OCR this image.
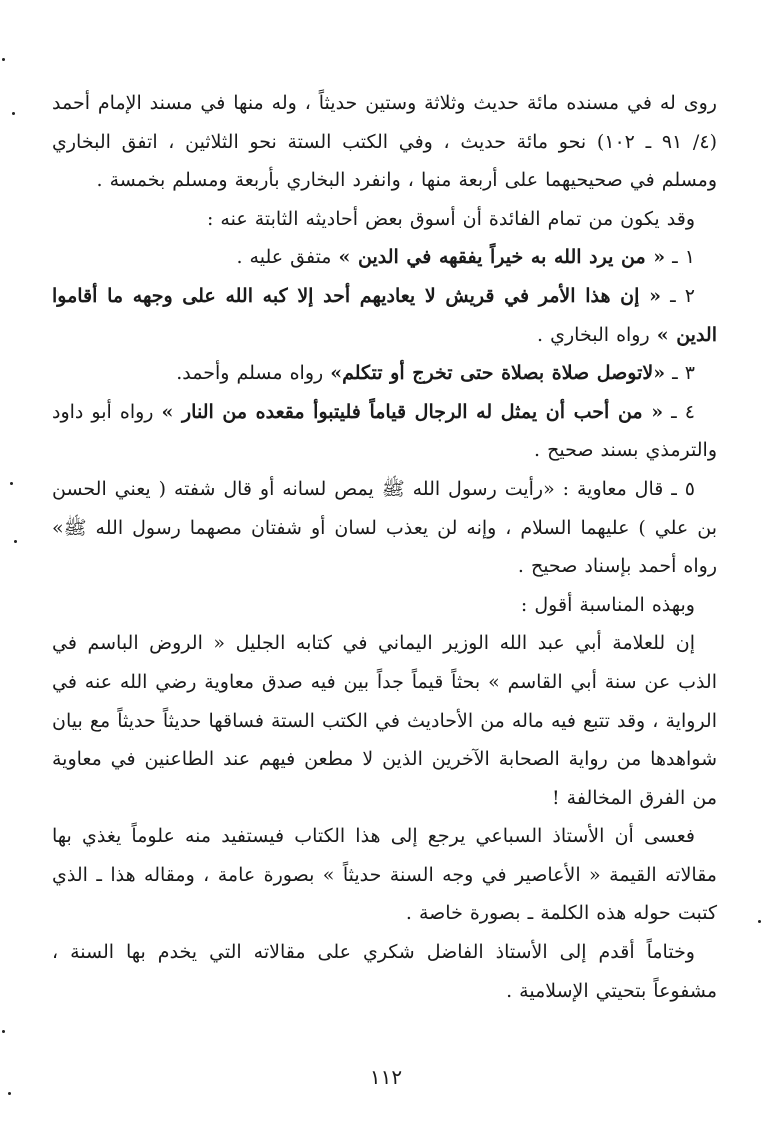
روى له في مسنده مائة حديث وثلاثة وستين حديثاً ، وله منها في مسند الإمام أحمد (٤/ ٩١ ـ ١٠٢) نحو مائة حديث ، وفي الكتب الستة نحو الثلاثين ، اتفق البخاري ومسلم في صحيحيهما على أربعة منها ، وانفرد البخاري بأربعة ومسلم بخمسة .

وقد يكون من تمام الفائدة أن أسوق بعض أحاديثه الثابتة عنه :

١ ـ « من يرد الله به خيراً يفقهه في الدين » متفق عليه .

٢ ـ « إن هذا الأمر في قريش لا يعاديهم أحد إلا كبه الله على وجهه ما أقاموا الدين » رواه البخاري .

٣ ـ «لاتوصل صلاة بصلاة حتى تخرج أو تتكلم» رواه مسلم وأحمد.

٤ ـ « من أحب أن يمثل له الرجال قياماً فليتبوأ مقعده من النار » رواه أبو داود والترمذي بسند صحيح .

٥ ـ قال معاوية : «رأيت رسول الله ﷺ يمص لسانه أو قال شفته ( يعني الحسن بن علي ) عليهما السلام ، وإنه لن يعذب لسان أو شفتان مصهما رسول الله ﷺ» رواه أحمد بإسناد صحيح .

وبهذه المناسبة أقول :

إن للعلامة أبي عبد الله الوزير اليماني في كتابه الجليل « الروض الباسم في الذب عن سنة أبي القاسم » بحثاً قيماً جداً بين فيه صدق معاوية رضي الله عنه في الرواية ، وقد تتبع فيه ماله من الأحاديث في الكتب الستة فساقها حديثاً حديثاً مع بيان شواهدها من رواية الصحابة الآخرين الذين لا مطعن فيهم عند الطاعنين في معاوية من الفرق المخالفة !

فعسى أن الأستاذ السباعي يرجع إلى هذا الكتاب فيستفيد منه علوماً يغذي بها مقالاته القيمة « الأعاصير في وجه السنة حديثاً » بصورة عامة ، ومقاله هذا ـ الذي كتبت حوله هذه الكلمة ـ بصورة خاصة .

وختاماً أقدم إلى الأستاذ الفاضل شكري على مقالاته التي يخدم بها السنة ، مشفوعاً بتحيتي الإسلامية .

١١٢
